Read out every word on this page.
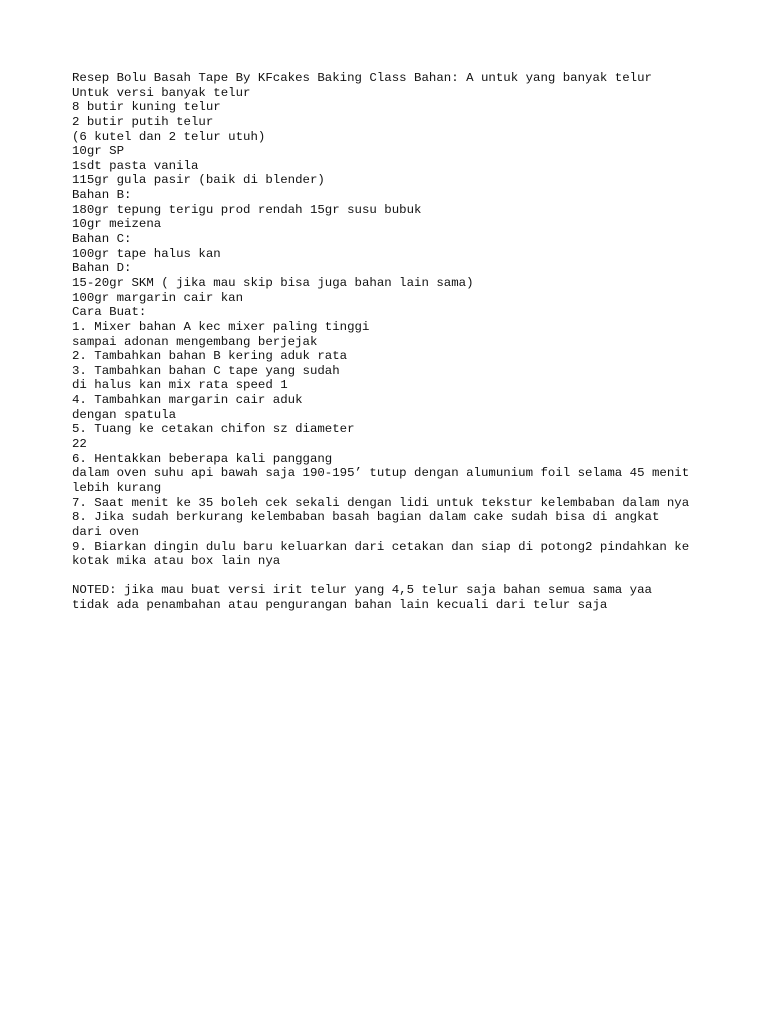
Resep Bolu Basah Tape By KFcakes Baking Class Bahan: A untuk yang banyak telur
Untuk versi banyak telur
8 butir kuning telur
2 butir putih telur
(6 kutel dan 2 telur utuh)
10gr SP
1sdt pasta vanila
115gr gula pasir (baik di blender)
Bahan B:
180gr tepung terigu prod rendah 15gr susu bubuk
10gr meizena
Bahan C:
100gr tape halus kan
Bahan D:
15-20gr SKM ( jika mau skip bisa juga bahan lain sama)
100gr margarin cair kan
Cara Buat:
1. Mixer bahan A kec mixer paling tinggi
sampai adonan mengembang berjejak
2. Tambahkan bahan B kering aduk rata
3. Tambahkan bahan C tape yang sudah
di halus kan mix rata speed 1
4. Tambahkan margarin cair aduk
dengan spatula
5. Tuang ke cetakan chifon sz diameter
22
6. Hentakkan beberapa kali panggang
dalam oven suhu api bawah saja 190-195’ tutup dengan alumunium foil selama 45 menit
lebih kurang
7. Saat menit ke 35 boleh cek sekali dengan lidi untuk tekstur kelembaban dalam nya
8. Jika sudah berkurang kelembaban basah bagian dalam cake sudah bisa di angkat
dari oven
9. Biarkan dingin dulu baru keluarkan dari cetakan dan siap di potong2 pindahkan ke
kotak mika atau box lain nya
NOTED: jika mau buat versi irit telur yang 4,5 telur saja bahan semua sama yaa
tidak ada penambahan atau pengurangan bahan lain kecuali dari telur saja
